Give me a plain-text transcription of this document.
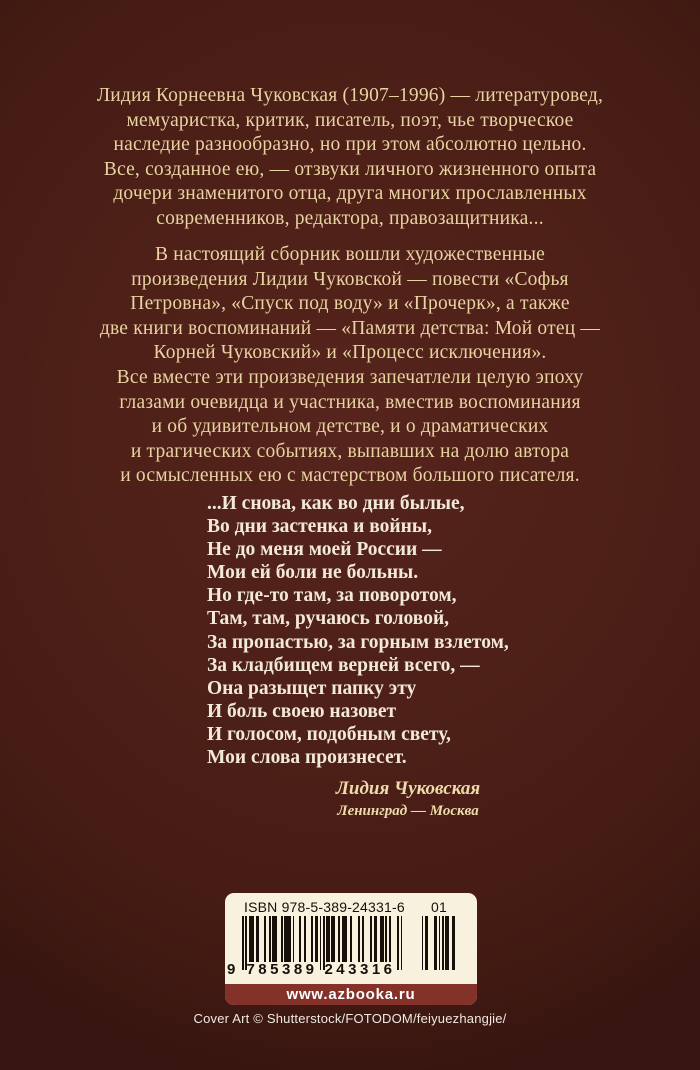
Лидия Корнеевна Чуковская (1907–1996) — литературовед,
мемуаристка, критик, писатель, поэт, чье творческое
наследие разнообразно, но при этом абсолютно цельно.
Все, созданное ею, — отзвуки личного жизненного опыта
дочери знаменитого отца, друга многих прославленных
современников, редактора, правозащитника...
В настоящий сборник вошли художественные
произведения Лидии Чуковской — повести «Софья
Петровна», «Спуск под воду» и «Прочерк», а также
две книги воспоминаний — «Памяти детства: Мой отец —
Корней Чуковский» и «Процесс исключения».
Все вместе эти произведения запечатлели целую эпоху
глазами очевидца и участника, вместив воспоминания
и об удивительном детстве, и о драматических
и трагических событиях, выпавших на долю автора
и осмысленных ею с мастерством большого писателя.
...И снова, как во дни былые,
Во дни застенка и войны,
Не до меня моей России —
Мои ей боли не больны.
Но где-то там, за поворотом,
Там, там, ручаюсь головой,
За пропастью, за горным взлетом,
За кладбищем верней всего, —
Она разыщет папку эту
И боль своею назовет
И голосом, подобным свету,
Мои слова произнесет.
Лидия Чуковская
Ленинград — Москва
ISBN 978-5-389-24331-6 01
9 785389 243316
www.azbooka.ru
Cover Art © Shutterstock/FOTODOM/feiyuezhangjie/
